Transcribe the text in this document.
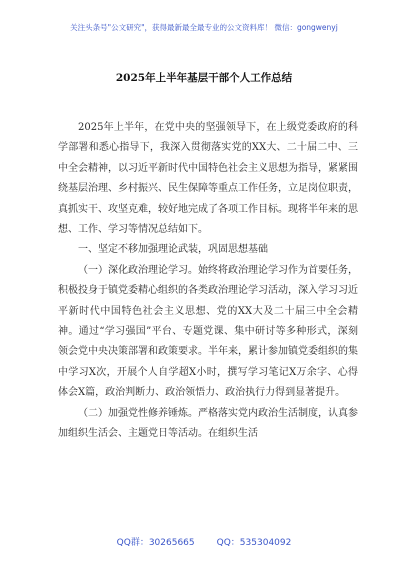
关注头条号"公文研究"，获得最新最全最专业的公文资料库！ 微信：gongwenyj
2025年上半年基层干部个人工作总结

2025年上半年，在党中央的坚强领导下，在上级党委政府的科学部署和悉心指导下，我深入贯彻落实党的XX大、二十届二中、三中全会精神，以习近平新时代中国特色社会主义思想为指导，紧紧围绕基层治理、乡村振兴、民生保障等重点工作任务，立足岗位职责，真抓实干、攻坚克难，较好地完成了各项工作目标。现将半年来的思想、工作、学习等情况总结如下。

一、坚定不移加强理论武装，巩固思想基础

（一）深化政治理论学习。始终将政治理论学习作为首要任务，积极投身于镇党委精心组织的各类政治理论学习活动，深入学习习近平新时代中国特色社会主义思想、党的XX大及二十届三中全会精神。通过“学习强国”平台、专题党课、集中研讨等多种形式，深刻领会党中央决策部署和政策要求。半年来，累计参加镇党委组织的集中学习X次，开展个人自学超X小时，撰写学习笔记X万余字、心得体会X篇，政治判断力、政治领悟力、政治执行力得到显著提升。

（二）加强党性修养锤炼。严格落实党内政治生活制度，认真参加组织生活会、主题党日等活动。在组织生活

QQ群：30265665 QQ：535304092
